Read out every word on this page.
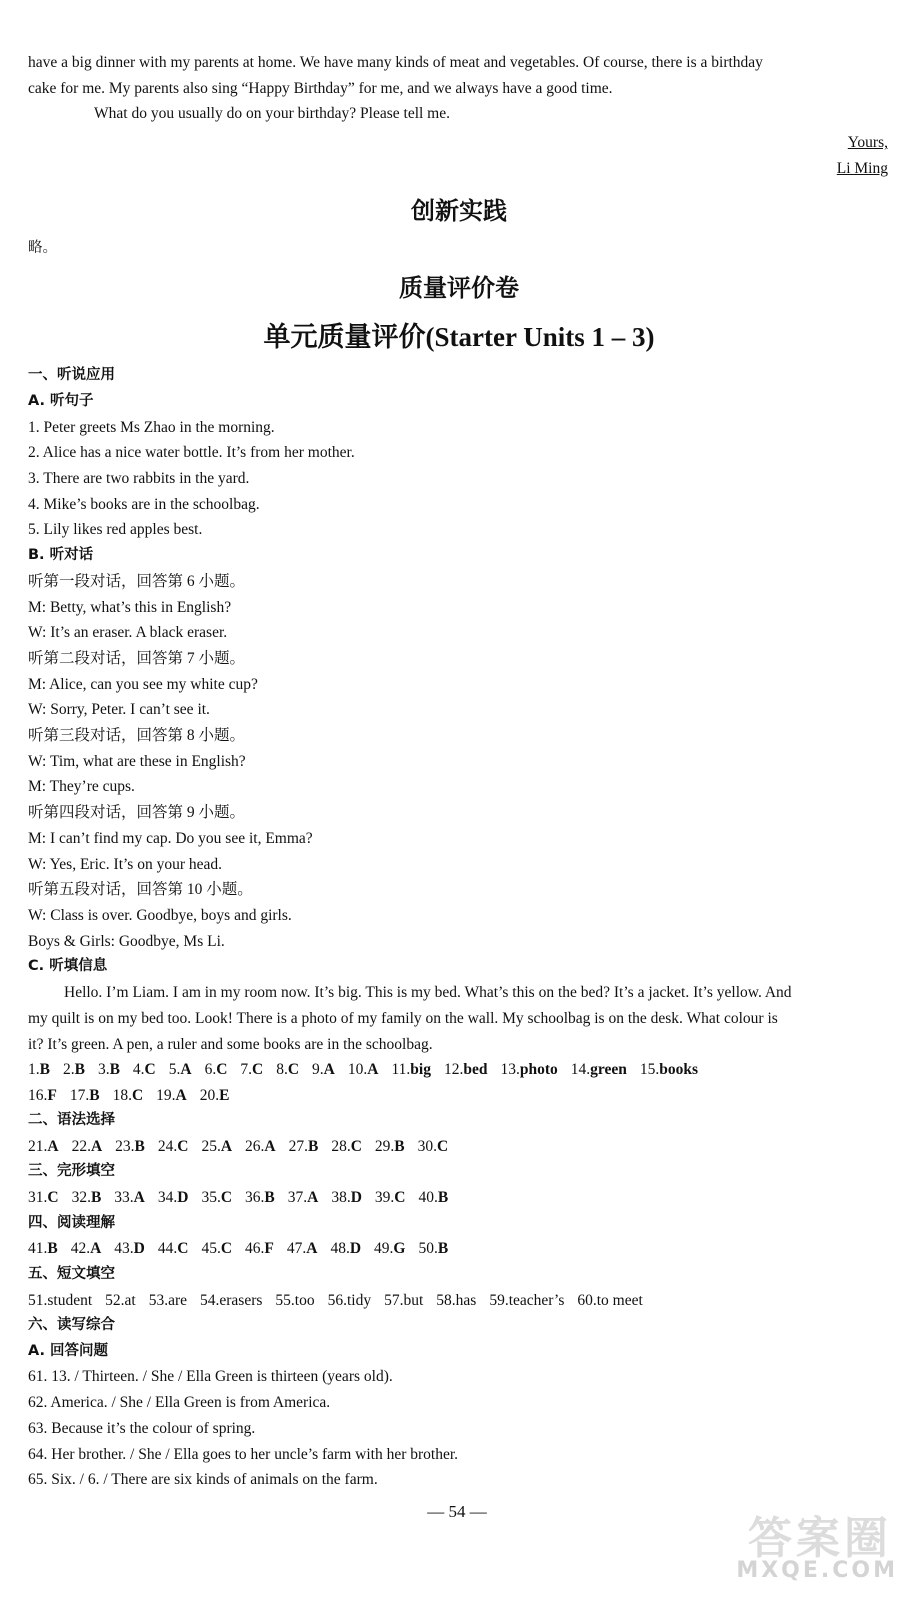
have a big dinner with my parents at home. We have many kinds of meat and vegetables. Of course, there is a birthday
cake for me. My parents also sing “Happy Birthday” for me, and we always have a good time.
What do you usually do on your birthday? Please tell me.
Yours,
Li Ming
创新实践
略。
质量评价卷
单元质量评价(Starter Units 1 – 3)
一、听说应用
A. 听句子
1. Peter greets Ms Zhao in the morning.
2. Alice has a nice water bottle. It’s from her mother.
3. There are two rabbits in the yard.
4. Mike’s books are in the schoolbag.
5. Lily likes red apples best.
B. 听对话
听第一段对话，回答第 6 小题。
M: Betty, what’s this in English?
W: It’s an eraser. A black eraser.
听第二段对话，回答第 7 小题。
M: Alice, can you see my white cup?
W: Sorry, Peter. I can’t see it.
听第三段对话，回答第 8 小题。
W: Tim, what are these in English?
M: They’re cups.
听第四段对话，回答第 9 小题。
M: I can’t find my cap. Do you see it, Emma?
W: Yes, Eric. It’s on your head.
听第五段对话，回答第 10 小题。
W: Class is over. Goodbye, boys and girls.
Boys & Girls: Goodbye, Ms Li.
C. 听填信息
Hello. I’m Liam. I am in my room now. It’s big. This is my bed. What’s this on the bed? It’s a jacket. It’s yellow. And
my quilt is on my bed too. Look! There is a photo of my family on the wall. My schoolbag is on the desk. What colour is
it? It’s green. A pen, a ruler and some books are in the schoolbag.
1.B 2.B 3.B 4.C 5.A 6.C 7.C 8.C 9.A 10.A 11.big 12.bed 13.photo 14.green 15.books
16.F 17.B 18.C 19.A 20.E
二、语法选择
21.A 22.A 23.B 24.C 25.A 26.A 27.B 28.C 29.B 30.C
三、完形填空
31.C 32.B 33.A 34.D 35.C 36.B 37.A 38.D 39.C 40.B
四、阅读理解
41.B 42.A 43.D 44.C 45.C 46.F 47.A 48.D 49.G 50.B
五、短文填空
51.student 52.at 53.are 54.erasers 55.too 56.tidy 57.but 58.has 59.teacher’s 60.to meet
六、读写综合
A. 回答问题
61. 13. / Thirteen. / She / Ella Green is thirteen (years old).
62. America. / She / Ella Green is from America.
63. Because it’s the colour of spring.
64. Her brother. / She / Ella goes to her uncle’s farm with her brother.
65. Six. / 6. / There are six kinds of animals on the farm.
— 54 —
答案圈
MXQE.COM
